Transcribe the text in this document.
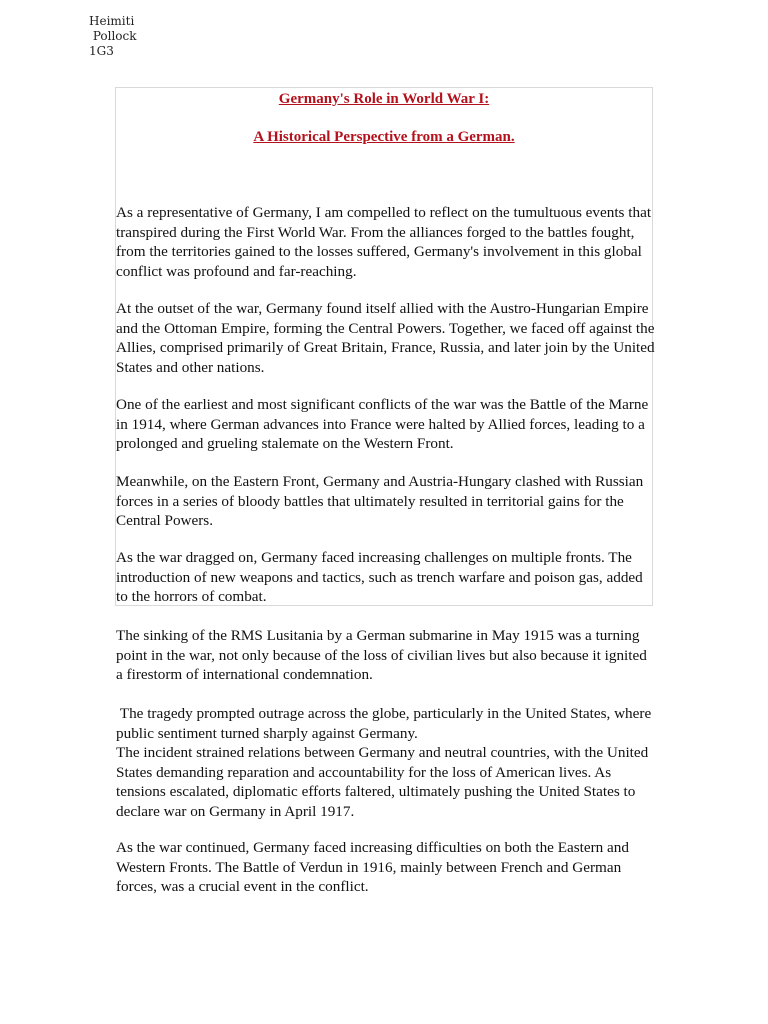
Heimiti
Pollock
1G3
Germany's Role in World War I:
A Historical Perspective from a German.

As a representative of Germany, I am compelled to reflect on the tumultuous events that transpired during the First World War. From the alliances forged to the battles fought, from the territories gained to the losses suffered, Germany's involvement in this global conflict was profound and far-reaching.

At the outset of the war, Germany found itself allied with the Austro-Hungarian Empire and the Ottoman Empire, forming the Central Powers. Together, we faced off against the Allies, comprised primarily of Great Britain, France, Russia, and later join by the United States and other nations.

One of the earliest and most significant conflicts of the war was the Battle of the Marne in 1914, where German advances into France were halted by Allied forces, leading to a prolonged and grueling stalemate on the Western Front.

Meanwhile, on the Eastern Front, Germany and Austria-Hungary clashed with Russian forces in a series of bloody battles that ultimately resulted in territorial gains for the Central Powers.

As the war dragged on, Germany faced increasing challenges on multiple fronts. The introduction of new weapons and tactics, such as trench warfare and poison gas, added to the horrors of combat.

The sinking of the RMS Lusitania by a German submarine in May 1915 was a turning point in the war, not only because of the loss of civilian lives but also because it ignited a firestorm of international condemnation.

The tragedy prompted outrage across the globe, particularly in the United States, where public sentiment turned sharply against Germany.
The incident strained relations between Germany and neutral countries, with the United States demanding reparation and accountability for the loss of American lives. As tensions escalated, diplomatic efforts faltered, ultimately pushing the United States to declare war on Germany in April 1917.

As the war continued, Germany faced increasing difficulties on both the Eastern and Western Fronts. The Battle of Verdun in 1916, mainly between French and German forces, was a crucial event in the conflict.
